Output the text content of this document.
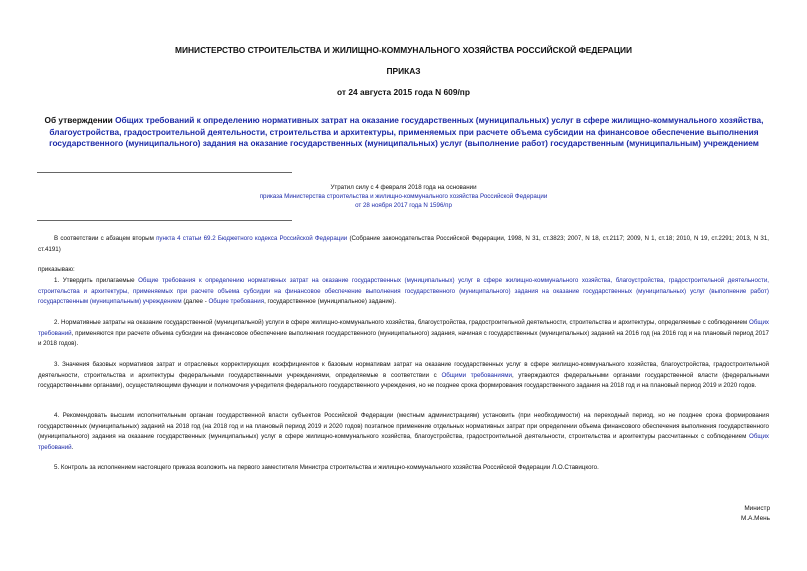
МИНИСТЕРСТВО СТРОИТЕЛЬСТВА И ЖИЛИЩНО-КОММУНАЛЬНОГО ХОЗЯЙСТВА РОССИЙСКОЙ ФЕДЕРАЦИИ
ПРИКАЗ
от 24 августа 2015 года N 609/пр
Об утверждении Общих требований к определению нормативных затрат на оказание государственных (муниципальных) услуг в сфере жилищно-коммунального хозяйства, благоустройства, градостроительной деятельности, строительства и архитектуры, применяемых при расчете объема субсидии на финансовое обеспечение выполнения государственного (муниципального) задания на оказание государственных (муниципальных) услуг (выполнение работ) государственным (муниципальным) учреждением
Утратил силу с 4 февраля 2018 года на основании
приказа Министерства строительства и жилищно-коммунального хозяйства Российской Федерации
от 28 ноября 2017 года N 1596/пр
В соответствии с абзацем вторым пункта 4 статьи 69.2 Бюджетного кодекса Российской Федерации (Собрание законодательства Российской Федерации, 1998, N 31, ст.3823; 2007, N 18, ст.2117; 2009, N 1, ст.18; 2010, N 19, ст.2291; 2013, N 31, ст.4191)
приказываю:
1. Утвердить прилагаемые Общие требования к определению нормативных затрат на оказание государственных (муниципальных) услуг в сфере жилищно-коммунального хозяйства, благоустройства, градостроительной деятельности, строительства и архитектуры, применяемых при расчете объема субсидии на финансовое обеспечение выполнения государственного (муниципального) задания на оказание государственных (муниципальных) услуг (выполнение работ) государственным (муниципальным) учреждением (далее - Общие требования, государственное (муниципальное) задание).
2. Нормативные затраты на оказание государственной (муниципальной) услуги в сфере жилищно-коммунального хозяйства, благоустройства, градостроительной деятельности, строительства и архитектуры, определяемые с соблюдением Общих требований, применяются при расчете объема субсидии на финансовое обеспечение выполнения государственного (муниципального) задания, начиная с государственных (муниципальных) заданий на 2016 год (на 2016 год и на плановый период 2017 и 2018 годов).
3. Значения базовых нормативов затрат и отраслевых корректирующих коэффициентов к базовым нормативам затрат на оказание государственных услуг в сфере жилищно-коммунального хозяйства, благоустройства, градостроительной деятельности, строительства и архитектуры федеральными государственными учреждениями, определяемые в соответствии с Общими требованиями, утверждаются федеральными органами государственной власти (федеральными государственными органами), осуществляющими функции и полномочия учредителя федерального государственного учреждения, но не позднее срока формирования государственного задания на 2018 год и на плановый период 2019 и 2020 годов.
4. Рекомендовать высшим исполнительным органам государственной власти субъектов Российской Федерации (местным администрациям) установить (при необходимости) на переходный период, но не позднее срока формирования государственных (муниципальных) заданий на 2018 год (на 2018 год и на плановый период 2019 и 2020 годов) поэтапное применение отдельных нормативных затрат при определении объема финансового обеспечения выполнения государственного (муниципального) задания на оказание государственных (муниципальных) услуг в сфере жилищно-коммунального хозяйства, благоустройства, градостроительной деятельности, строительства и архитектуры рассчитанных с соблюдением Общих требований.
5. Контроль за исполнением настоящего приказа возложить на первого заместителя Министра строительства и жилищно-коммунального хозяйства Российской Федерации Л.О.Ставицкого.
Министр
М.А.Мень
